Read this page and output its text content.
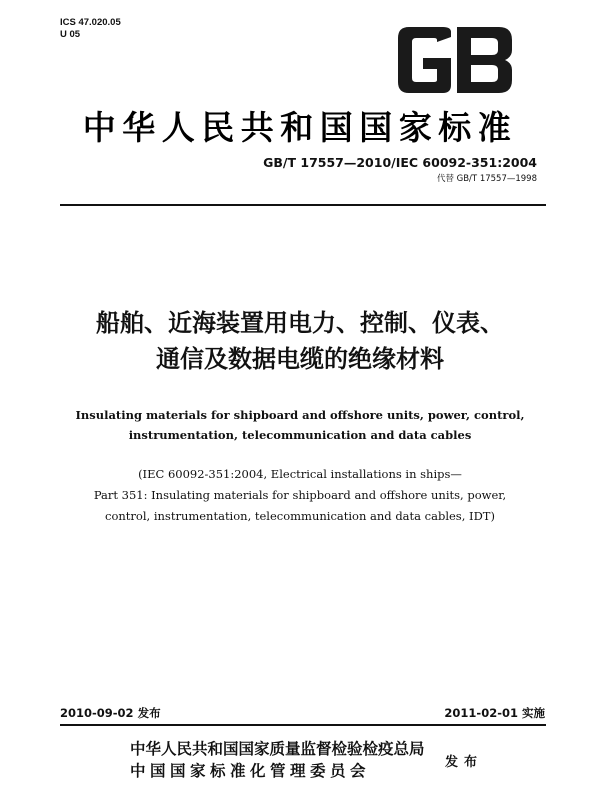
ICS 47.020.05
U 05
中华人民共和国国家标准
GB/T 17557—2010/IEC 60092-351:2004
代替 GB/T 17557—1998
船舶、近海装置用电力、控制、仪表、
通信及数据电缆的绝缘材料
Insulating materials for shipboard and offshore units, power, control,
instrumentation, telecommunication and data cables
(IEC 60092-351:2004, Electrical installations in ships—
Part 351: Insulating materials for shipboard and offshore units, power,
control, instrumentation, telecommunication and data cables, IDT)
2010-09-02 发布	2011-02-01 实施
中华人民共和国国家质量监督检验检疫总局
中国国家标准化管理委员会	发布
